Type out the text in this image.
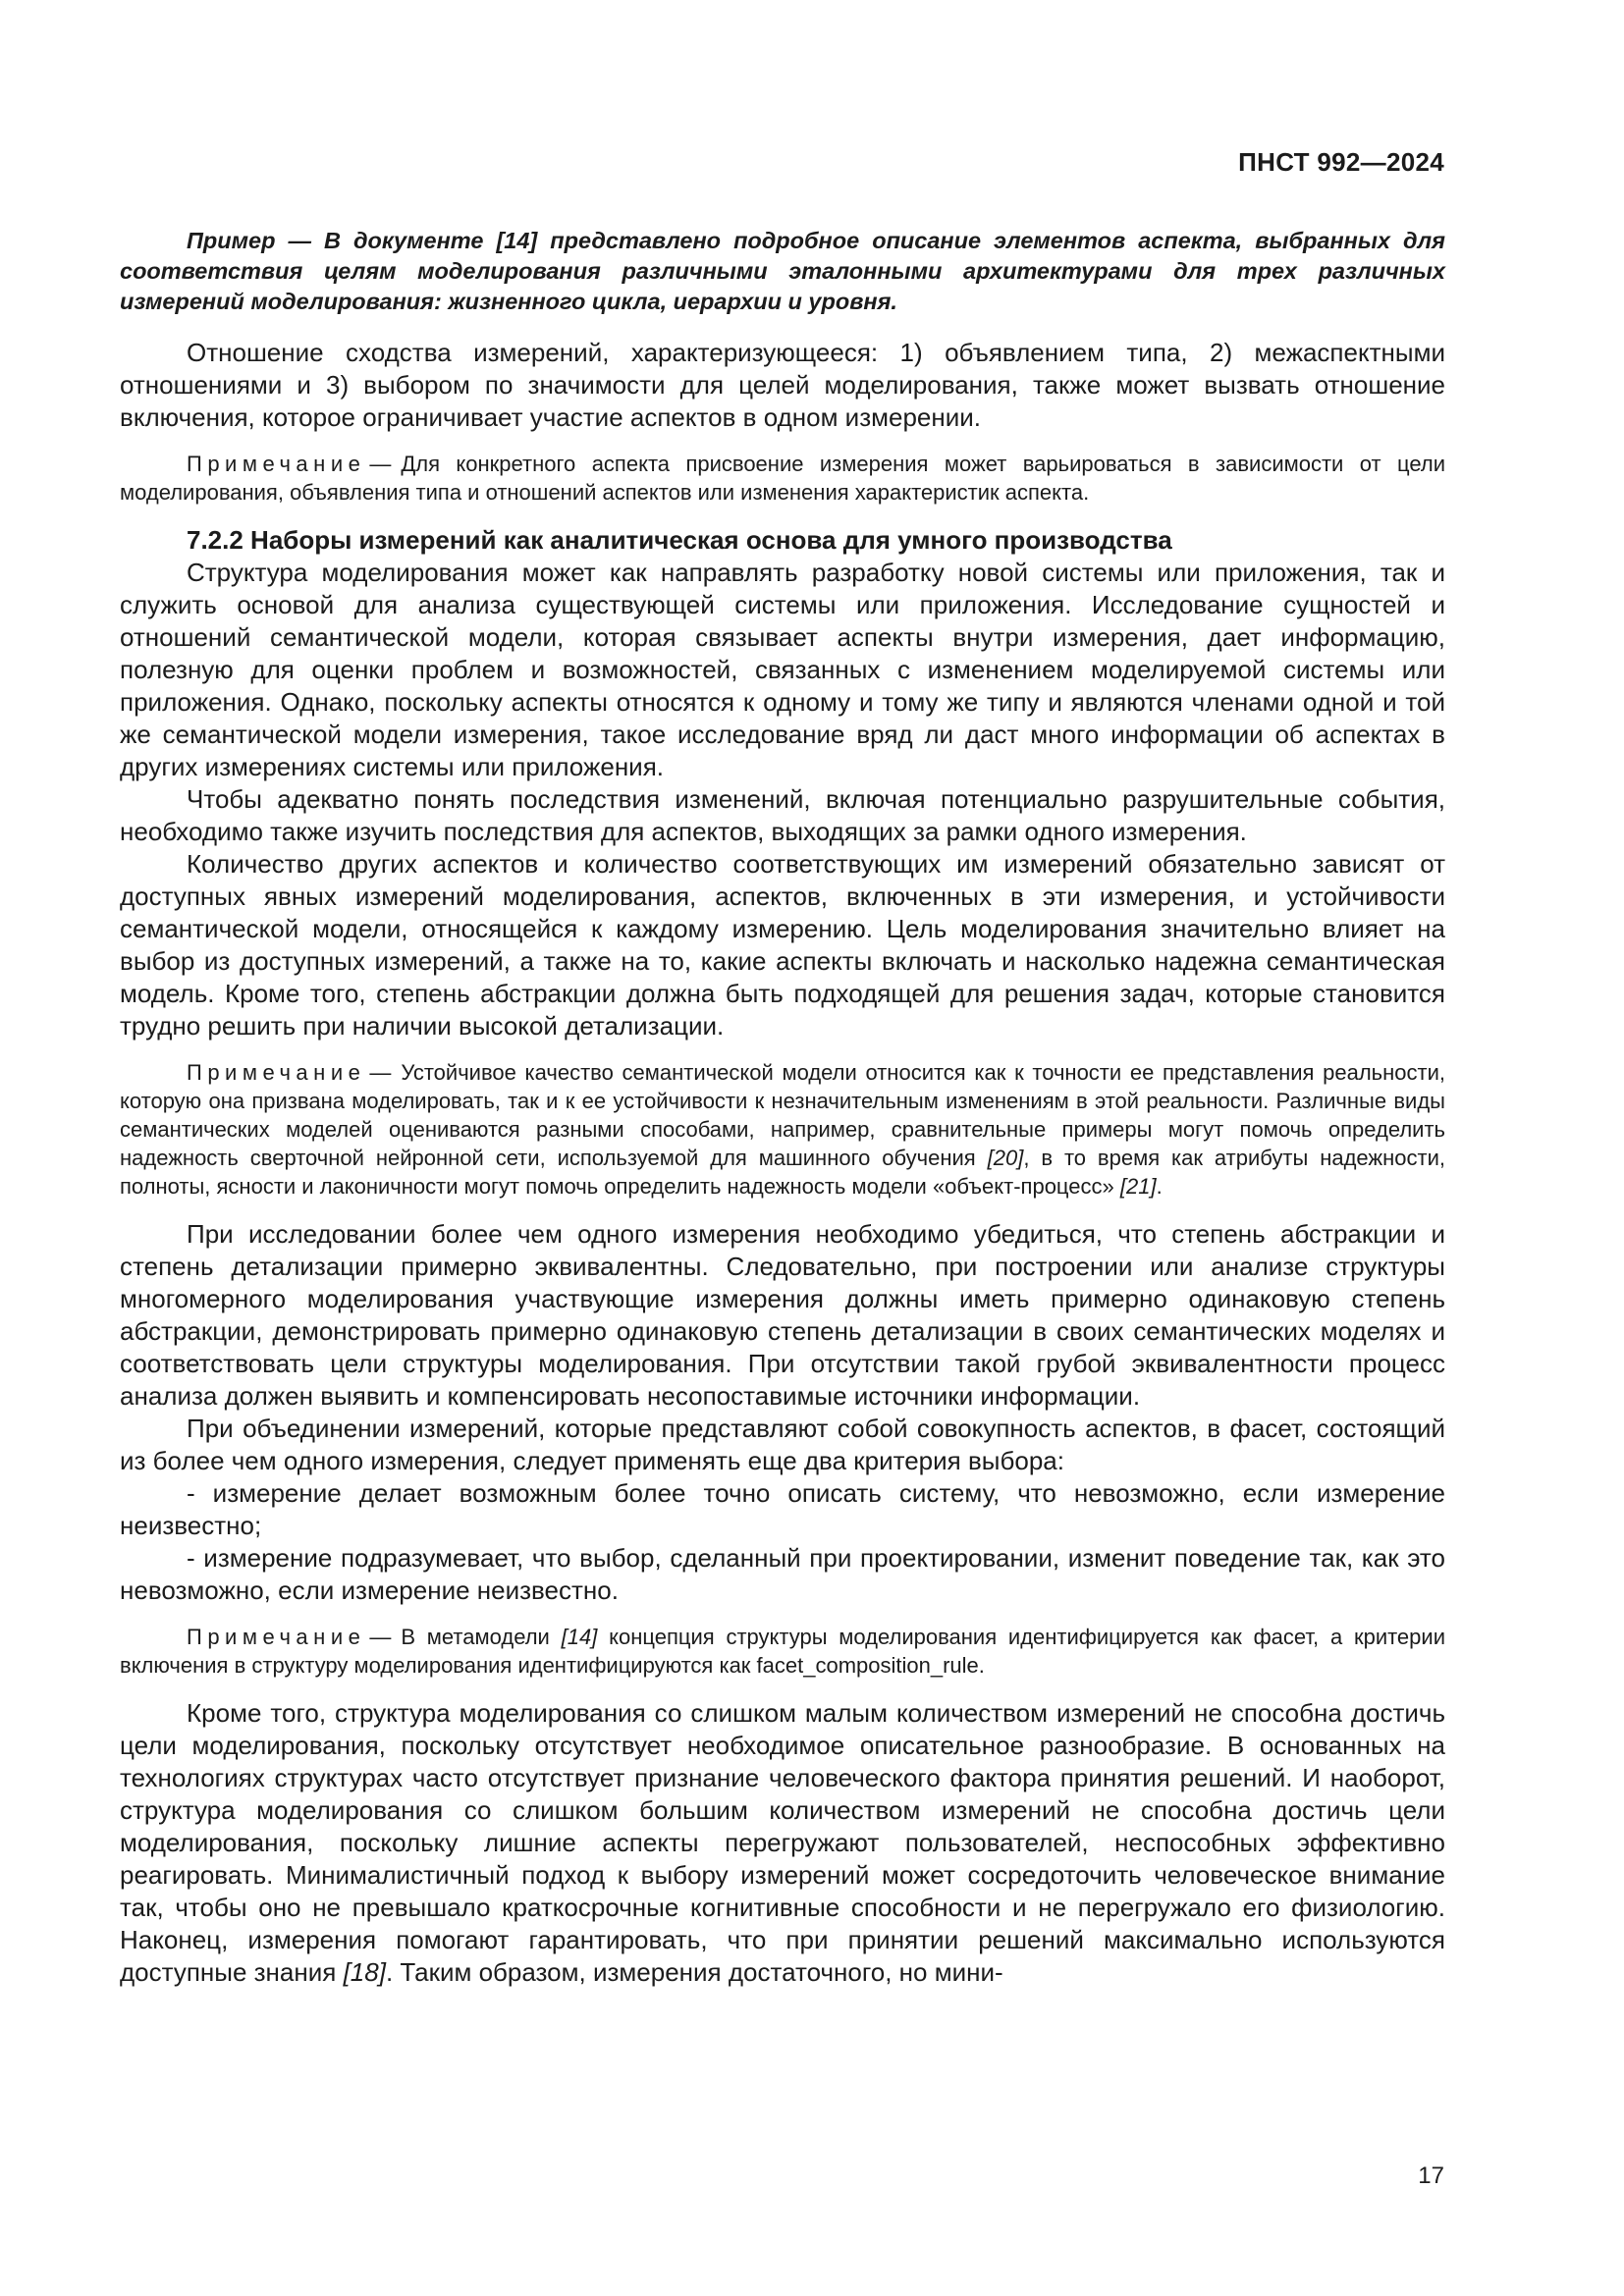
ПНСТ 992—2024

Пример — В документе [14] представлено подробное описание элементов аспекта, выбранных для соответствия целям моделирования различными эталонными архитектурами для трех различных измерений моделирования: жизненного цикла, иерархии и уровня.

Отношение сходства измерений, характеризующееся: 1) объявлением типа, 2) межаспектными отношениями и 3) выбором по значимости для целей моделирования, также может вызвать отношение включения, которое ограничивает участие аспектов в одном измерении.

Примечание — Для конкретного аспекта присвоение измерения может варьироваться в зависимости от цели моделирования, объявления типа и отношений аспектов или изменения характеристик аспекта.

7.2.2 Наборы измерений как аналитическая основа для умного производства

Структура моделирования может как направлять разработку новой системы или приложения, так и служить основой для анализа существующей системы или приложения. Исследование сущностей и отношений семантической модели, которая связывает аспекты внутри измерения, дает информацию, полезную для оценки проблем и возможностей, связанных с изменением моделируемой системы или приложения. Однако, поскольку аспекты относятся к одному и тому же типу и являются членами одной и той же семантической модели измерения, такое исследование вряд ли даст много информации об аспектах в других измерениях системы или приложения.

Чтобы адекватно понять последствия изменений, включая потенциально разрушительные события, необходимо также изучить последствия для аспектов, выходящих за рамки одного измерения.

Количество других аспектов и количество соответствующих им измерений обязательно зависят от доступных явных измерений моделирования, аспектов, включенных в эти измерения, и устойчивости семантической модели, относящейся к каждому измерению. Цель моделирования значительно влияет на выбор из доступных измерений, а также на то, какие аспекты включать и насколько надежна семантическая модель. Кроме того, степень абстракции должна быть подходящей для решения задач, которые становится трудно решить при наличии высокой детализации.

Примечание — Устойчивое качество семантической модели относится как к точности ее представления реальности, которую она призвана моделировать, так и к ее устойчивости к незначительным изменениям в этой реальности. Различные виды семантических моделей оцениваются разными способами, например, сравнительные примеры могут помочь определить надежность сверточной нейронной сети, используемой для машинного обучения [20], в то время как атрибуты надежности, полноты, ясности и лаконичности могут помочь определить надежность модели «объект-процесс» [21].

При исследовании более чем одного измерения необходимо убедиться, что степень абстракции и степень детализации примерно эквивалентны. Следовательно, при построении или анализе структуры многомерного моделирования участвующие измерения должны иметь примерно одинаковую степень абстракции, демонстрировать примерно одинаковую степень детализации в своих семантических моделях и соответствовать цели структуры моделирования. При отсутствии такой грубой эквивалентности процесс анализа должен выявить и компенсировать несопоставимые источники информации.

При объединении измерений, которые представляют собой совокупность аспектов, в фасет, состоящий из более чем одного измерения, следует применять еще два критерия выбора:

- измерение делает возможным более точно описать систему, что невозможно, если измерение неизвестно;

- измерение подразумевает, что выбор, сделанный при проектировании, изменит поведение так, как это невозможно, если измерение неизвестно.

Примечание — В метамодели [14] концепция структуры моделирования идентифицируется как фасет, а критерии включения в структуру моделирования идентифицируются как facet_composition_rule.

Кроме того, структура моделирования со слишком малым количеством измерений не способна достичь цели моделирования, поскольку отсутствует необходимое описательное разнообразие. В основанных на технологиях структурах часто отсутствует признание человеческого фактора принятия решений. И наоборот, структура моделирования со слишком большим количеством измерений не способна достичь цели моделирования, поскольку лишние аспекты перегружают пользователей, неспособных эффективно реагировать. Минималистичный подход к выбору измерений может сосредоточить человеческое внимание так, чтобы оно не превышало краткосрочные когнитивные способности и не перегружало его физиологию. Наконец, измерения помогают гарантировать, что при принятии решений максимально используются доступные знания [18]. Таким образом, измерения достаточного, но мини-

17
